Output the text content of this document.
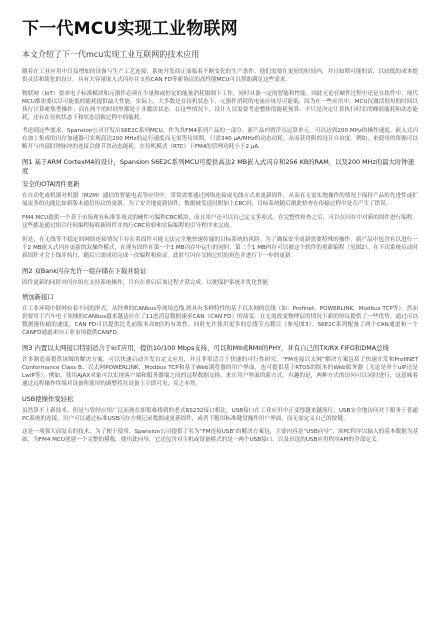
下一代MCU实现工业物联网

本文介绍了下一代mcu实现工业互联网的技术应用

随着在工业应用中日益增加的设备与生产工艺连接，系统开发商正面临着不断变化的生产条件。他们需要在更短的时间内，并且如期可能的话，以较低的成本提供灵活和简化的设计。具有大容量嵌入式闪存并支持CAN FD等新协议的高性能MCU可以帮助满足这些需求。

物联网（IoT）要求电子标准模块和元器件必须在少量和或恒定的能量消耗限制下工作，同时具备一定的智能和性能。因此无论在硬件过程中还是在软件中，现代MCU都需要以尽可能低的能耗提供最大性能。实际上，大多数是在待机状态下，元器件消耗的电流应该尽可能低，因为在一些应用中，MCU仅激活很短的时间以执行计算密集型操作；而在两个的时间里都处于非激活状态。在这些情况下，设计人员需要考虑整体的能耗预算：不只是决定计算执行时长的峰值能耗和动态能耗，还有在待机状态下和状态切换过程中的能耗。

考虑到这些要求，Spansion公司开发出S6E2C系列MCU，作为其FM4系列产品的一部分。新产品内置浮点运算单元，可以达到200 MHz的操作速度。嵌入式闪存加上集成的闪存加速器可实现高达200 MHz的运行速度而无需等待周期，只需340 μA/MHz的动态功耗。从而获得附的设计自由度：例如，来使用的资源可以断开与内部时钟脉冲的连接以便节省动态能耗。在待机模式（RTC）下FM4的管理功耗小于2 μA。

图1 基于ARM CortexM4的设计，Spansion S6E2C系列MCU可提供高达2 MB嵌入式闪存和256 KB的RAM，以及200 MHz的最大时钟速度

安全的OTA固件更新

在自动化或机器对机器（M2M）通信的智能电表等应用中，常常需要通过网络连接或无线方式来更新固件，从而在无需实地操作的情况下保持产品的先进性或扩展更多的功能比如新版本通信协议的更新。为了安全地更新固件，数据被发送时附加上CRC码，目标系统随后据此检查在传输过程中是否产生了错误。

FM4 MCU提供一个基于市场现有标准多项式的硬件可编程CRC模块，而且用户还可以自己定义多项式。在完整性检查之后，可以在闪存中对新的固件进行编程。这些都是通过组合任何编程接收新固件并执行CRC检验和实际编程的引导程序来完成。

但是，在无线等不稳定的网络连接情况下存在着固件可能无法完全地快速传输的目标系统的风险。为了确保安全更新需要特殊的操作。新产品中包含有以进行一个2 MB嵌入式闪存更新的双操作模式，在现有固件在第一个1 MB闪存中运行的同时，第二个1 MB内存可以被这个软件的重新编程（见图2）。在下次系统启动时新固件才会上线并执行，随后只需成功完成一次编程和验证。此时写闪存交换它们的角色并进行下一步的更新。

图2 双Bank闪存允许一组存储在下载并验证

固件更新的同时对闪存组在支持系统操作，只有在重启后该过程才算完成，以便保护系统并优化性能

增加新接口

在工业环境中联网有着不同的形式，从经典的CANbus等现场总线,到具有多种特性的基于以太网的总线（如：Profinet、POWERLINK、Modbus TCP等）。然而仍要用于汽车电子领域的CANbus越来越适应在了11进消息数据速率CAN（CAN FD）的演变。在无需改变物理层的情况下新的协议提供了一些优势。通过可以数据能传输的速度，CAN FD可以提供比先前版本高8倍的有效性。同时允许使用更多的总线节点数目（参见图3）。S6E2C系列配备了两个CAN通道和一个CANFD通道来向工业市场提供CANFD。

图3 内置以太网接口特别适合于IoT应用，提供10/100 Mbps支持，可以和MII或RMII的PHY，并有自己的TX/RX FIFO和DMA总线

许多制造商提供该级的解决方案，可以快速启动开发自定义应用，并且非常适合于快速的可行性研究。“FM连接以太网”解决方案包括了快速开发和ProfiNET Conformance Class B、以太网POWERLINK、Modbus TCP和基于Web浏览器的用户界面，也可提供基于RTOS的版本的Web服务器（无论是单个uIP还是LwIP等）。例如，使用AJAX对象可以实现客户端和服务器端之间的远程数据交换，来在用户界面的新方式。有趣的是，两种方式的访问可以同时进行，这意味着通过远程操作终端对设备所使用的调整将在设备上立即可见，反之亦然。

USB使操作变轻松

虽然算不上新技术，但是与曾经应用广泛而现在却很难找到的老式RS232接口相比，USB接口在工业应用中正变得越来越流行。USB安全地访问对于服务于普通PC系统的连接。用户可以通过标准USB闪存方便记录数据或更新固件，或者干脆用标准键盘操作用户界面，而无需定义自己的按键。

这是一项强大而复杂的技术，为了便于使用，Spansion公司提供了名为“FM连接USB”的解决方案包，主要内容是“USB向导”。该PC程序以输入的基本数据为基础，为FM4 MCU创建一个完整的模板。使用此向导，它还包含对主机或设备模式的是一两个USB接口，以及首选的USB应用程序API的全部定义。
